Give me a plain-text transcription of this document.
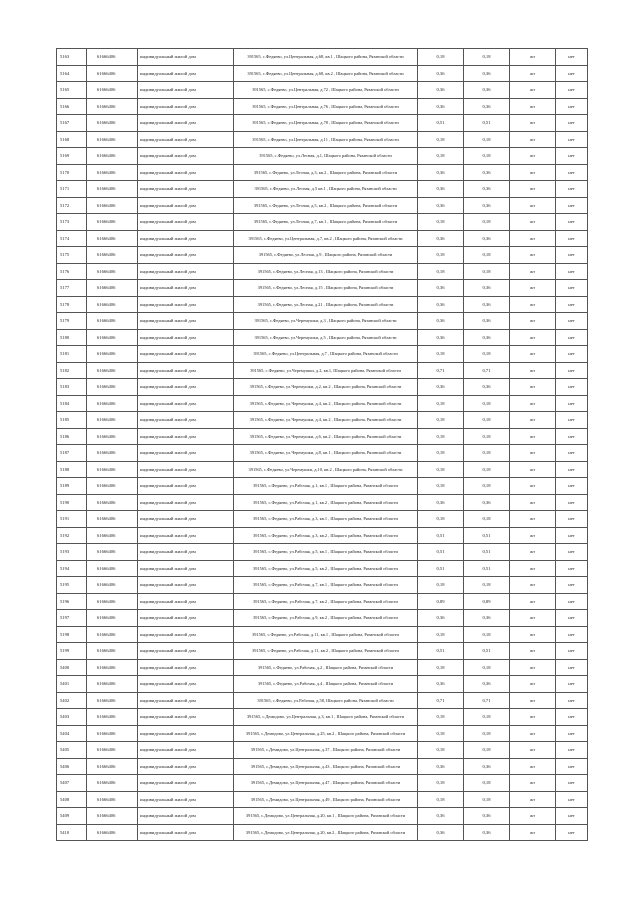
5163	61666406	индивидуальный жилой дом	391565, с.Федяево, ул.Центральная, д.68, кв.1 , Шацкого района, Рязанской области	0,18	0,18	жт	нет
5164	61666406	индивидуальный жилой дом	391565, с.Федяево, ул.Центральная, д.68, кв.2 , Шацкого района, Рязанской области	0,36	0,36	жт	нет
5165	61666406	индивидуальный жилой дом	391565, с.Федяево, ул.Центральная, д.72 , Шацкого района, Рязанской области	0,36	0,36	жт	нет
5166	61666406	индивидуальный жилой дом	391565, с.Федяево, ул.Центральная, д.76 , Шацкого района, Рязанской области	0,36	0,36	жт	нет
5167	61666406	индивидуальный жилой дом	391565, с.Федяево, ул.Центральная, д.78 , Шацкого района, Рязанской области	0,51	0,51	жт	нет
5168	61666406	индивидуальный жилой дом	391565, с.Федяево, ул.Центральная, д.11 , Шацкого района, Рязанской области	0,18	0,18	жт	нет
5169	61666406	индивидуальный жилой дом	391565, с.Федяево, ул.Лесная, д.1, Шацкого района, Рязанской области	0,18	0,18	жт	нет
5170	61666406	индивидуальный жилой дом	391565, с.Федяево, ул.Лесная, д.3, кв.2 , Шацкого района, Рязанской области	0,36	0,36	жт	нет
5171	61666406	индивидуальный жилой дом	391565, с.Федяево, ул.Лесная, д.5 кв.1 , Шацкого района, Рязанской области	0,36	0,36	жт	нет
5172	61666406	индивидуальный жилой дом	391565, с.Федяево, ул.Лесная, д.5, кв.2 , Шацкого района, Рязанской области	0,36	0,36	жт	нет
5173	61666406	индивидуальный жилой дом	391565, с.Федяево, ул.Лесная, д.7, кв.1 , Шацкого района, Рязанской области	0,18	0,18	жт	нет
5174	61666406	индивидуальный жилой дом	391565, с.Федяево, ул.Центральная, д.7, кв.2 , Шацкого района, Рязанской области	0,36	0,36	жт	нет
5175	61666406	индивидуальный жилой дом	391565, с.Федяево, ул.Лесная, д.9 , Шацкого района, Рязанской области	0,18	0,18	жт	нет
5176	61666406	индивидуальный жилой дом	391565, с.Федяево, ул.Лесная, д.13 , Шацкого района, Рязанской области	0,18	0,18	жт	нет
5177	61666406	индивидуальный жилой дом	391565, с.Федяево, ул.Лесная, д.15 , Шацкого района, Рязанской области	0,36	0,36	жт	нет
5178	61666406	индивидуальный жилой дом	391565, с.Федяево, ул.Лесная, д.21 , Шацкого района, Рязанской области	0,36	0,36	жт	нет
5179	61666406	индивидуальный жилой дом	391565, с.Федяево, ул.Черемушки, д.3 , Шацкого района, Рязанской области	0,36	0,36	жт	нет
5180	61666406	индивидуальный жилой дом	391565, с.Федяево, ул.Черемушки, д.5 , Шацкого района, Рязанской области	0,36	0,36	жт	нет
5181	61666406	индивидуальный жилой дом	391565, с.Федяево, ул.Центральная, д.7 , Шацкого района, Рязанской области	0,18	0,18	жт	нет
5182	61666406	индивидуальный жилой дом	391565, с.Федяево, ул.Черемушки, д.2, кв.1, Шацкого района, Рязанской области	0,71	0,71	жт	нет
5183	61666406	индивидуальный жилой дом	391565, с.Федяево, ул.Черемушки, д.2, кв.2 , Шацкого района, Рязанской области	0,36	0,36	жт	нет
5184	61666406	индивидуальный жилой дом	391565, с.Федяево, ул.Черемушки, д.4, кв.2 , Шацкого района, Рязанской области	0,18	0,18	жт	нет
5185	61666406	индивидуальный жилой дом	391565, с.Федяево, ул.Черемушки, д.4, кв.2 , Шацкого района, Рязанской области	0,18	0,18	жт	нет
5186	61666406	индивидуальный жилой дом	391565, с.Федяево, ул.Черемушки, д.6, кв.2 , Шацкого района, Рязанской области	0,18	0,18	жт	нет
5187	61666406	индивидуальный жилой дом	391565, с.Федяево, ул.Черемушки, д.8, кв.1 , Шацкого района, Рязанской области	0,18	0,18	жт	нет
5188	61666406	индивидуальный жилой дом	391565, с.Федяево, ул.Черемушки, д.10, кв.2 , Шацкого района, Рязанской области	0,18	0,18	жт	нет
5189	61666406	индивидуальный жилой дом	391565, с.Федяево, ул.Рабочая, д.1, кв.1 , Шацкого района, Рязанской области	0,18	0,18	жт	нет
5190	61666406	индивидуальный жилой дом	391565, с.Федяево, ул.Рабочая, д.1, кв.2 , Шацкого района, Рязанской области	0,36	0,36	жт	нет
5191	61666406	индивидуальный жилой дом	391565, с.Федяево, ул.Рабочая, д.3, кв.1 , Шацкого района, Рязанской области	0,18	0,18	жт	нет
5192	61666406	индивидуальный жилой дом	391565, с.Федяево, ул.Рабочая, д.3, кв.2 , Шацкого района, Рязанской области	0,51	0,51	жт	нет
5193	61666406	индивидуальный жилой дом	391565, с.Федяево, ул.Рабочая, д.5, кв.1 , Шацкого района, Рязанской области	0,51	0,51	жт	нет
5194	61666406	индивидуальный жилой дом	391565, с.Федяево, ул.Рабочая, д.5, кв.2 , Шацкого района, Рязанской области	0,51	0,51	жт	нет
5195	61666406	индивидуальный жилой дом	391565, с.Федяево, ул.Рабочая, д.7, кв.1 , Шацкого района, Рязанской области	0,18	0,18	жт	нет
5196	61666406	индивидуальный жилой дом	391565, с.Федяево, ул.Рабочая, д.7, кв.2 , Шацкого района, Рязанской области	0,89	0,89	жт	нет
5197	61666406	индивидуальный жилой дом	391565, с.Федяево, ул.Рабочая, д.9, кв.2 , Шацкого района, Рязанской области	0,36	0,36	жт	нет
5198	61666406	индивидуальный жилой дом	391565, с.Федяево, ул.Рабочая, д.11, кв.1 , Шацкого района, Рязанской области	0,18	0,18	жт	нет
5199	61666406	индивидуальный жилой дом	391565, с.Федяево, ул.Рабочая, д.11, кв.2 , Шацкого района, Рязанской области	0,51	0,51	жт	нет
5400	61666406	индивидуальный жилой дом	391565, с.Федяево, ул.Рабочая, д.2 , Шацкого района, Рязанской области	0,18	0,18	жт	нет
5401	61666406	индивидуальный жилой дом	391565, с.Федяево, ул.Рабочая, д.4 , Шацкого района, Рязанской области	0,36	0,36	жт	нет
5402	61666406	индивидуальный жилой дом	391565, с.Федяево, ул.Рабочая, д.58, Шацкого района, Рязанской области	0,71	0,71	жт	нет
5403	61666406	индивидуальный жилой дом	391565, с.Демидово, ул.Центральная, д.3, кв.1 , Шацкого района, Рязанской области	0,18	0,18	жт	нет
5404	61666406	индивидуальный жилой дом	391565, с.Демидово, ул.Центральная, д.25, кв.2 , Шацкого района, Рязанской области	0,18	0,18	жт	нет
5405	61666406	индивидуальный жилой дом	391565, с.Демидово, ул.Центральная, д.37 , Шацкого района, Рязанской области	0,18	0,18	жт	нет
5406	61666406	индивидуальный жилой дом	391565, с.Демидово, ул.Центральная, д.43 , Шацкого района, Рязанской области	0,36	0,36	жт	нет
5407	61666406	индивидуальный жилой дом	391565, с.Демидово, ул.Центральная, д.47 , Шацкого района, Рязанской области	0,18	0,18	жт	нет
5408	61666406	индивидуальный жилой дом	391565, с.Демидово, ул.Центральная, д.49 , Шацкого района, Рязанской области	0,18	0,18	жт	нет
5409	61666406	индивидуальный жилой дом	391565, с.Демидово, ул.Центральная, д.20, кв.1 , Шацкого района, Рязанской области	0,36	0,36	жт	нет
5410	61666406	индивидуальный жилой дом	391565, с.Демидово, ул.Центральная, д.20, кв.2 , Шацкого района, Рязанской области	0,36	0,36	жт	нет
